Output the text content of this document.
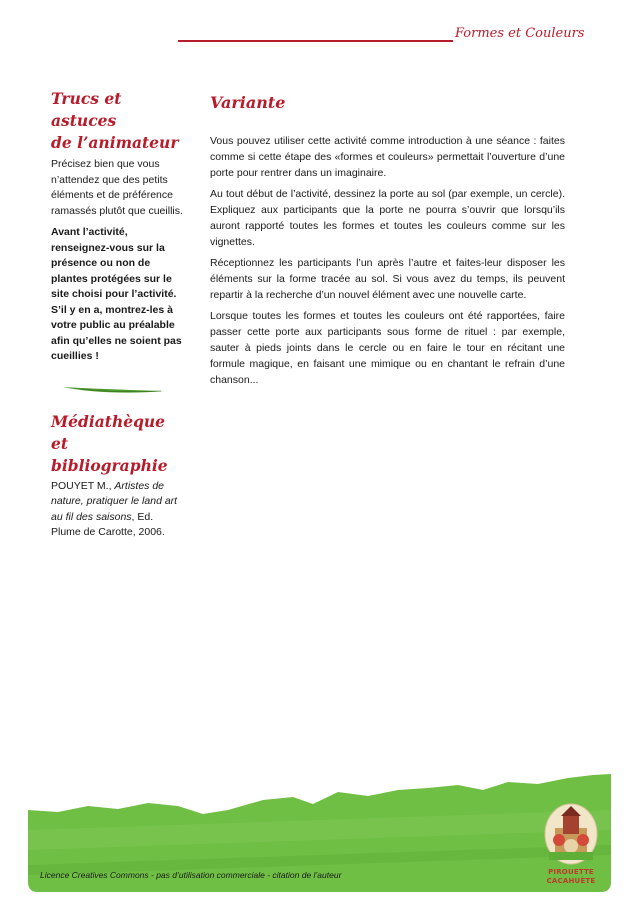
Formes et Couleurs
Trucs et astuces
de l’animateur
Précisez bien que vous n’attendez que des petits éléments et de préférence ramassés plutôt que cueillis.
Avant l’activité, renseignez-vous sur la présence ou non de plantes protégées sur le site choisi pour l’activité. S’il y en a, montrez-les à votre public au préalable afin qu’elles ne soient pas cueillies !
Médiathèque et
bibliographie
POUYET M., Artistes de nature, pratiquer le land art au fil des saisons, Ed. Plume de Carotte, 2006.
Variante

Vous pouvez utiliser cette activité comme introduction à une séance : faites comme si cette étape des «formes et couleurs» permettait l’ouverture d’une porte pour rentrer dans un imaginaire.

Au tout début de l’activité, dessinez la porte au sol (par exemple, un cercle). Expliquez aux participants que la porte ne pourra s’ouvrir que lorsqu’ils auront rapporté toutes les formes et toutes les couleurs comme sur les vignettes.

Réceptionnez les participants l’un après l’autre et faites-leur disposer les éléments sur la forme tracée au sol. Si vous avez du temps, ils peuvent repartir à la recherche d’un nouvel élément avec une nouvelle carte.

Lorsque toutes les formes et toutes les couleurs ont été rapportées, faire passer cette porte aux participants sous forme de rituel : par exemple, sauter à pieds joints dans le cercle ou en faire le tour en récitant une formule magique, en faisant une mimique ou en chantant le refrain d’une chanson...

Licence Creatives Commons - pas d’utilisation commerciale - citation de l’auteur	PIROUETTE
CACAHUÈTE
